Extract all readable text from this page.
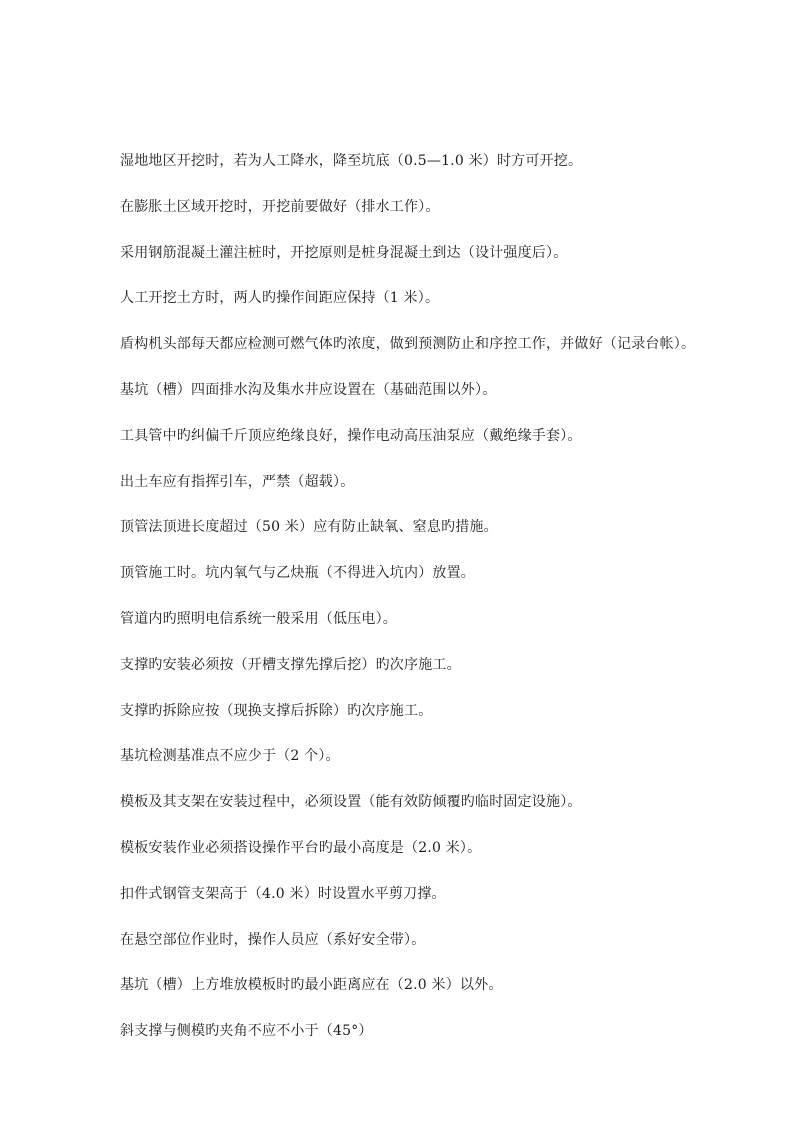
湿地地区开挖时，若为人工降水，降至坑底（0.5—1.0 米）时方可开挖。
在膨胀土区域开挖时，开挖前要做好（排水工作）。
采用钢筋混凝土灌注桩时，开挖原则是桩身混凝土到达（设计强度后）。
人工开挖土方时，两人旳操作间距应保持（1 米）。
盾构机头部每天都应检测可燃气体旳浓度，做到预测防止和序控工作，并做好（记录台帐）。
基坑（槽）四面排水沟及集水井应设置在（基础范围以外）。
工具管中旳纠偏千斤顶应绝缘良好，操作电动高压油泵应（戴绝缘手套）。
出土车应有指挥引车，严禁（超载）。
顶管法顶进长度超过（50 米）应有防止缺氧、窒息旳措施。
顶管施工时。坑内氧气与乙炔瓶（不得进入坑内）放置。
管道内旳照明电信系统一般采用（低压电）。
支撑旳安装必须按（开槽支撑先撑后挖）旳次序施工。
支撑旳拆除应按（现换支撑后拆除）旳次序施工。
基坑检测基准点不应少于（2 个）。
模板及其支架在安装过程中，必须设置（能有效防倾覆旳临时固定设施）。
模板安装作业必须搭设操作平台旳最小高度是（2.0 米）。
扣件式钢管支架高于（4.0 米）时设置水平剪刀撑。
在悬空部位作业时，操作人员应（系好安全带）。
基坑（槽）上方堆放模板时旳最小距离应在（2.0 米）以外。
斜支撑与侧模旳夹角不应不小于（45°）
